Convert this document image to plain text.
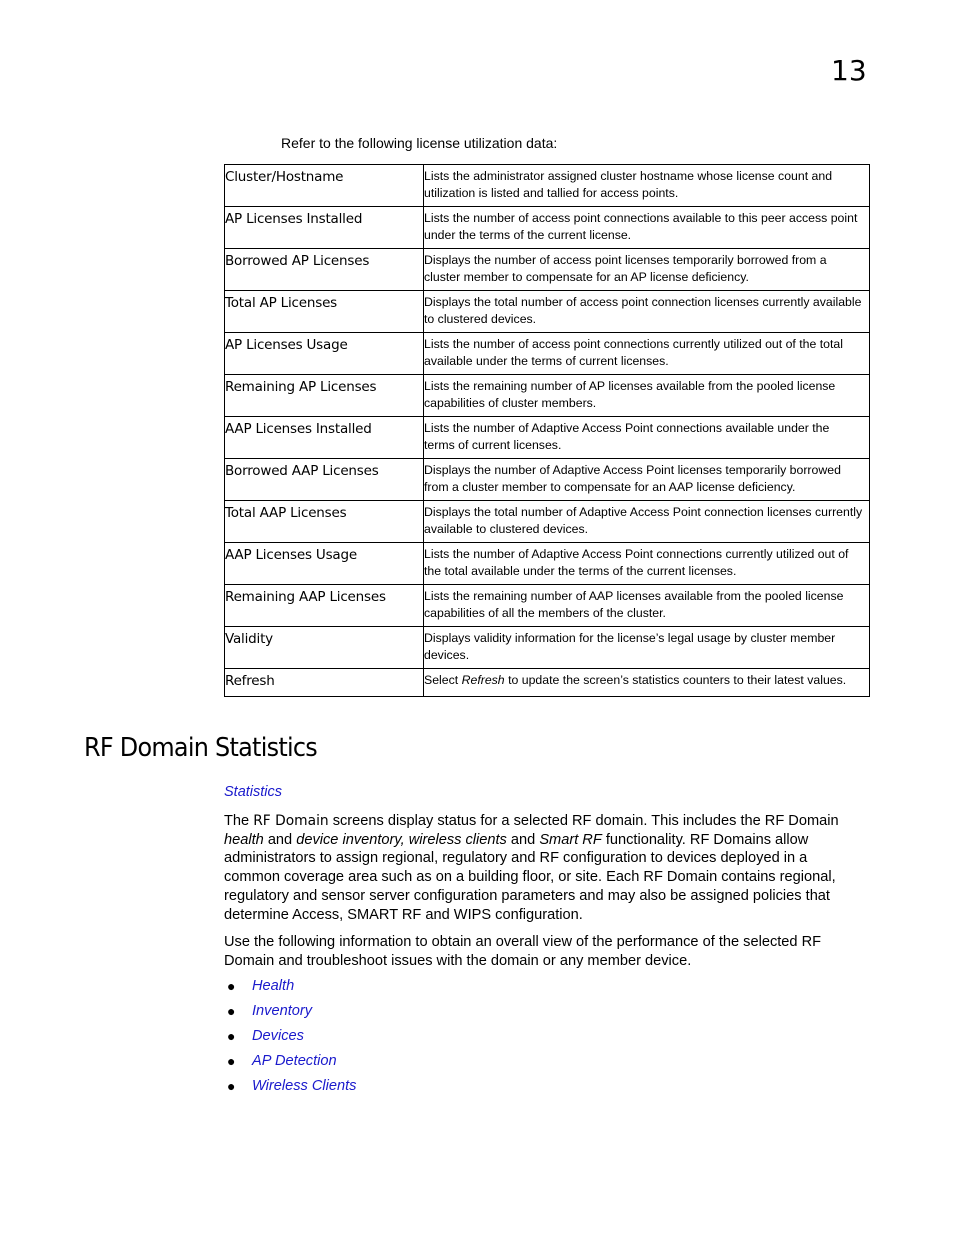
13
Refer to the following license utilization data:
Cluster/Hostname	Lists the administrator assigned cluster hostname whose license count and utilization is listed and tallied for access points.
AP Licenses Installed	Lists the number of access point connections available to this peer access point under the terms of the current license.
Borrowed AP Licenses	Displays the number of access point licenses temporarily borrowed from a cluster member to compensate for an AP license deficiency.
Total AP Licenses	Displays the total number of access point connection licenses currently available to clustered devices.
AP Licenses Usage	Lists the number of access point connections currently utilized out of the total available under the terms of current licenses.
Remaining AP Licenses	Lists the remaining number of AP licenses available from the pooled license capabilities of cluster members.
AAP Licenses Installed	Lists the number of Adaptive Access Point connections available under the terms of current licenses.
Borrowed AAP Licenses	Displays the number of Adaptive Access Point licenses temporarily borrowed from a cluster member to compensate for an AAP license deficiency.
Total AAP Licenses	Displays the total number of Adaptive Access Point connection licenses currently available to clustered devices.
AAP Licenses Usage	Lists the number of Adaptive Access Point connections currently utilized out of the total available under the terms of the current licenses.
Remaining AAP Licenses	Lists the remaining number of AAP licenses available from the pooled license capabilities of all the members of the cluster.
Validity	Displays validity information for the license’s legal usage by cluster member devices.
Refresh	Select Refresh to update the screen’s statistics counters to their latest values.
RF Domain Statistics
Statistics

The RF Domain screens display status for a selected RF domain. This includes the RF Domain health and device inventory, wireless clients and Smart RF functionality. RF Domains allow administrators to assign regional, regulatory and RF configuration to devices deployed in a common coverage area such as on a building floor, or site. Each RF Domain contains regional, regulatory and sensor server configuration parameters and may also be assigned policies that determine Access, SMART RF and WIPS configuration.

Use the following information to obtain an overall view of the performance of the selected RF Domain and troubleshoot issues with the domain or any member device.

● Health
● Inventory
● Devices
● AP Detection
● Wireless Clients
